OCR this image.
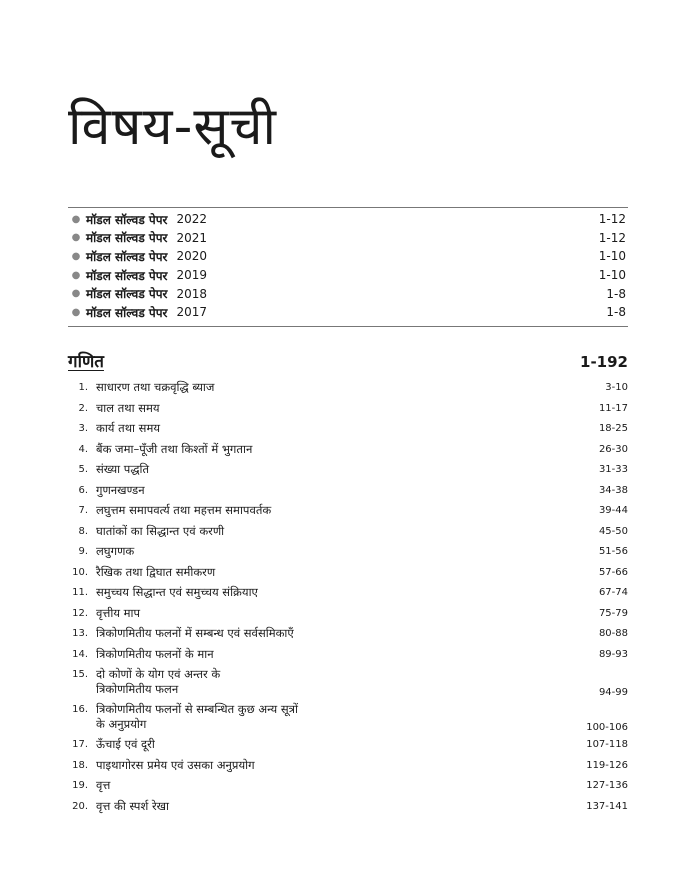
विषय-सूची
● मॉडल सॉल्वड पेपर 2022	1-12
● मॉडल सॉल्वड पेपर 2021	1-12
● मॉडल सॉल्वड पेपर 2020	1-10
● मॉडल सॉल्वड पेपर 2019	1-10
● मॉडल सॉल्वड पेपर 2018	1-8
● मॉडल सॉल्वड पेपर 2017	1-8
गणित	1-192
1. साधारण तथा चक्रवृद्धि ब्याज	3-10
2. चाल तथा समय	11-17
3. कार्य तथा समय	18-25
4. बैंक जमा–पूँजी तथा किश्तों में भुगतान	26-30
5. संख्या पद्धति	31-33
6. गुणनखण्डन	34-38
7. लघुत्तम समापवर्त्य तथा महत्तम समापवर्तक	39-44
8. घातांकों का सिद्धान्त एवं करणी	45-50
9. लघुगणक	51-56
10. रैखिक तथा द्विघात समीकरण	57-66
11. समुच्चय सिद्धान्त एवं समुच्चय संक्रियाए	67-74
12. वृत्तीय माप	75-79
13. त्रिकोणमितीय फलनों में सम्बन्ध एवं सर्वसमिकाएँ	80-88
14. त्रिकोणमितीय फलनों के मान	89-93
15. दो कोणों के योग एवं अन्तर के त्रिकोणमितीय फलन	94-99
16. त्रिकोणमितीय फलनों से सम्बन्धित कुछ अन्य सूत्रों के अनुप्रयोग	100-106
17. ऊँचाई एवं दूरी	107-118
18. पाइथागोरस प्रमेय एवं उसका अनुप्रयोग	119-126
19. वृत्त	127-136
20. वृत्त की स्पर्श रेखा	137-141
